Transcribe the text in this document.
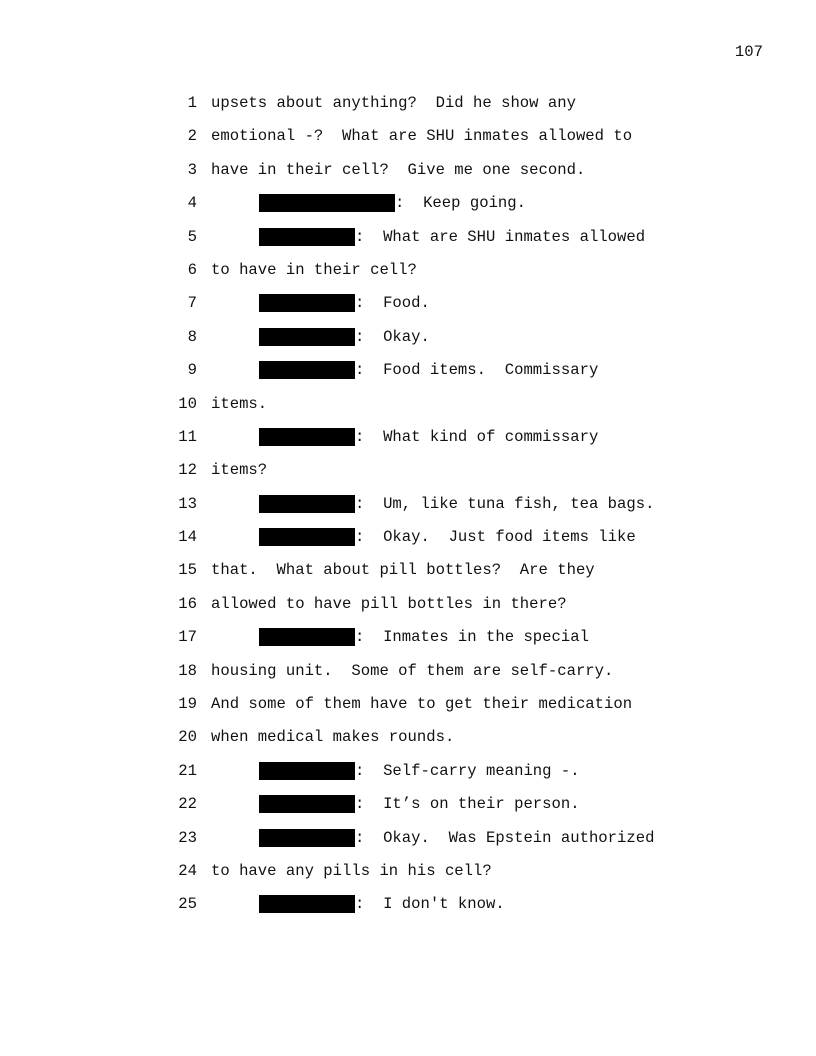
107
1 upsets about anything?  Did he show any
2 emotional -?  What are SHU inmates allowed to
3 have in their cell?  Give me one second.
4	:  Keep going.
5	:  What are SHU inmates allowed
6 to have in their cell?
7	:  Food.
8	:  Okay.
9	:  Food items.  Commissary
10 items.
11	:  What kind of commissary
12 items?
13	:  Um, like tuna fish, tea bags.
14	:  Okay.  Just food items like
15 that.  What about pill bottles?  Are they
16 allowed to have pill bottles in there?
17	:  Inmates in the special
18 housing unit.  Some of them are self-carry.
19 And some of them have to get their medication
20 when medical makes rounds.
21	:  Self-carry meaning -.
22	:  It’s on their person.
23	:  Okay.  Was Epstein authorized
24 to have any pills in his cell?
25	:  I don't know.
